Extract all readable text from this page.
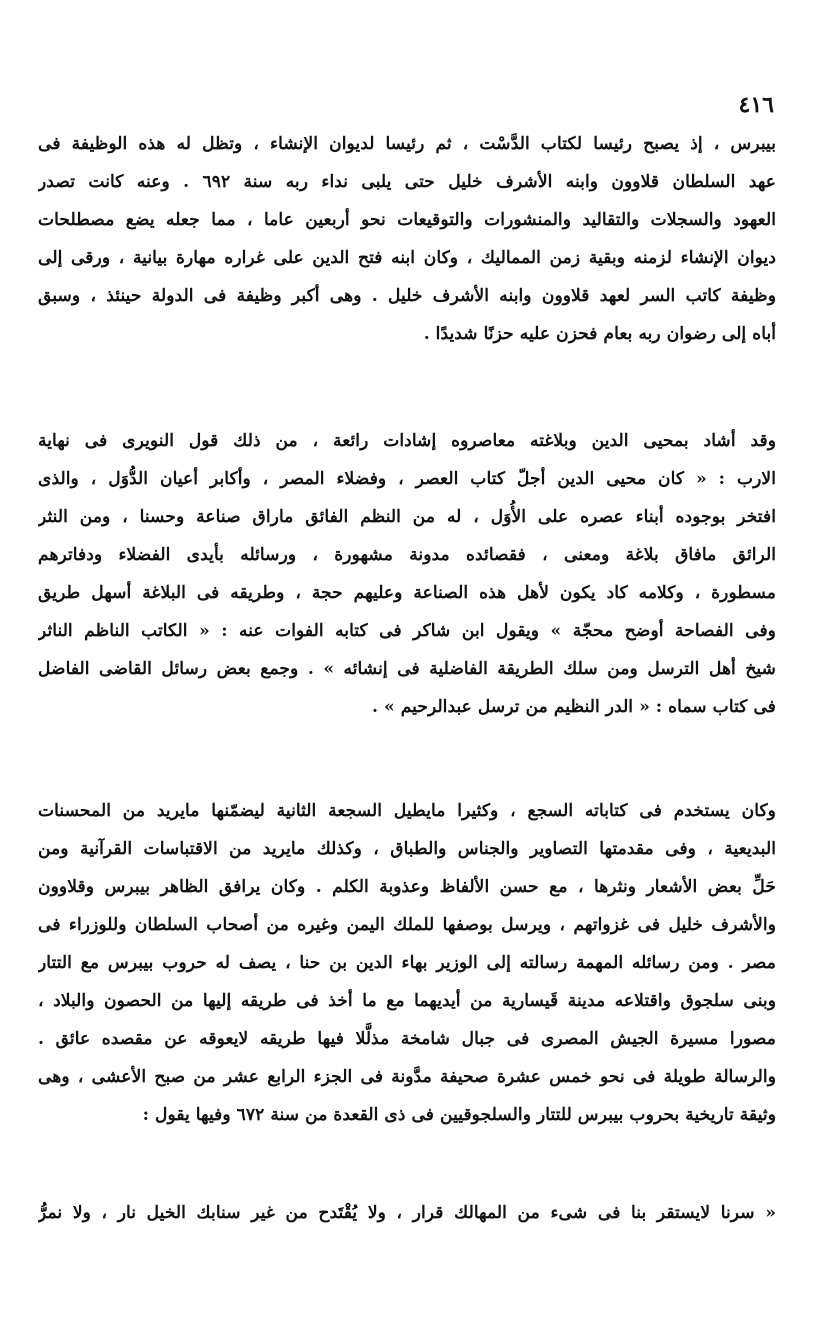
٤١٦
بيبرس ، إذ يصبح رئيسا لكتاب الدَّسْت ، ثم رئيسا لديوان الإنشاء ، وتظل له هذه الوظيفة فى
عهد السلطان قلاوون وابنه الأشرف خليل حتى يلبى نداء ربه سنة ٦٩٢ . وعنه كانت تصدر
العهود والسجلات والتقاليد والمنشورات والتوقيعات نحو أربعين عاما ، مما جعله يضع مصطلحات
ديوان الإنشاء لزمنه وبقية زمن المماليك ، وكان ابنه فتح الدين على غراره مهارة بيانية ، ورقى إلى
وظيفة كاتب السر لعهد قلاوون وابنه الأشرف خليل . وهى أكبر وظيفة فى الدولة حينئذ ، وسبق
أباه إلى رضوان ربه بعام فحزن عليه حزنًا شديدًا .
وقد أشاد بمحيى الدين وبلاغته معاصروه إشادات رائعة ، من ذلك قول النويرى فى نهاية
الارب : « كان محيى الدين أجلّ كتاب العصر ، وفضلاء المصر ، وأكابر أعيان الدُّوَل ، والذى
افتخر بوجوده أبناء عصره على الأُوَل ، له من النظم الفائق ماراق صناعة وحسنا ، ومن النثر
الرائق مافاق بلاغة ومعنى ، فقصائده مدونة مشهورة ، ورسائله بأيدى الفضلاء ودفاترهم
مسطورة ، وكلامه كاد يكون لأهل هذه الصناعة وعليهم حجة ، وطريقه فى البلاغة أسهل طريق
وفى الفصاحة أوضح محجّة » ويقول ابن شاكر فى كتابه الفوات عنه : « الكاتب الناظم الناثر
شيخ أهل الترسل ومن سلك الطريقة الفاضلية فى إنشائه » . وجمع بعض رسائل القاضى الفاضل
فى كتاب سماه : « الدر النظيم من ترسل عبدالرحيم » .
وكان يستخدم فى كتاباته السجع ، وكثيرا مايطيل السجعة الثانية ليضمّنها مايريد من المحسنات
البديعية ، وفى مقدمتها التصاوير والجناس والطباق ، وكذلك مايريد من الاقتباسات القرآنية ومن
حَلِّ بعض الأشعار ونثرها ، مع حسن الألفاظ وعذوبة الكلم . وكان يرافق الظاهر بيبرس وقلاوون
والأشرف خليل فى غزواتهم ، ويرسل بوصفها للملك اليمن وغيره من أصحاب السلطان وللوزراء فى
مصر . ومن رسائله المهمة رسالته إلى الوزير بهاء الدين بن حنا ، يصف له حروب بيبرس مع التتار
وبنى سلجوق واقتلاعه مدينة قَيسارية من أيديهما مع ما أخذ فى طريقه إليها من الحصون والبلاد ،
مصورا مسيرة الجيش المصرى فى جبال شامخة مذلَّلا فيها طريقه لايعوقه عن مقصده عائق .
والرسالة طويلة فى نحو خمس عشرة صحيفة مدَّونة فى الجزء الرابع عشر من صبح الأعشى ، وهى
وثيقة تاريخية بحروب بيبرس للتتار والسلجوقيين فى ذى القعدة من سنة ٦٧٢ وفيها يقول :
« سرنا لايستقر بنا فى شىء من المهالك قرار ، ولا يُقْتَدح من غير سنابك الخيل نار ، ولا نمرُّ
